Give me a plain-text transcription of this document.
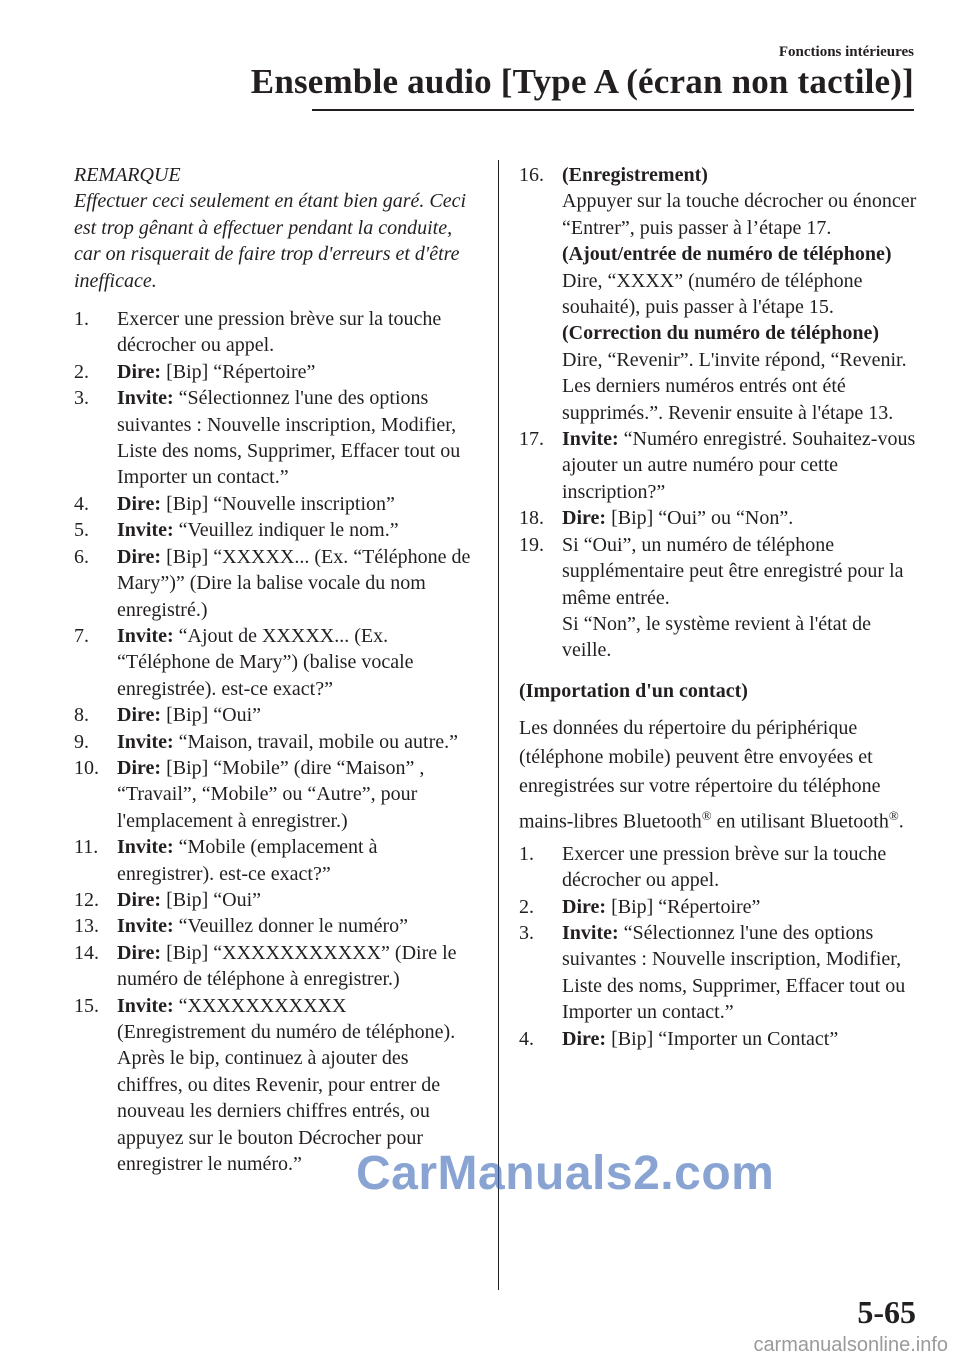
Fonctions intérieures
Ensemble audio [Type A (écran non tactile)]
REMARQUE
Effectuer ceci seulement en étant bien garé. Ceci est trop gênant à effectuer pendant la conduite, car on risquerait de faire trop d'erreurs et d'être inefficace.
1. Exercer une pression brève sur la touche décrocher ou appel.
2. Dire: [Bip] “Répertoire”
3. Invite: “Sélectionnez l'une des options suivantes : Nouvelle inscription, Modifier, Liste des noms, Supprimer, Effacer tout ou Importer un contact.”
4. Dire: [Bip] “Nouvelle inscription”
5. Invite: “Veuillez indiquer le nom.”
6. Dire: [Bip] “XXXXX... (Ex. “Téléphone de Mary”)” (Dire la balise vocale du nom enregistré.)
7. Invite: “Ajout de XXXXX... (Ex. “Téléphone de Mary”) (balise vocale enregistrée). est-ce exact?”
8. Dire: [Bip] “Oui”
9. Invite: “Maison, travail, mobile ou autre.”
10. Dire: [Bip] “Mobile” (dire “Maison” , “Travail”, “Mobile” ou “Autre”, pour l'emplacement à enregistrer.)
11. Invite: “Mobile (emplacement à enregistrer). est-ce exact?”
12. Dire: [Bip] “Oui”
13. Invite: “Veuillez donner le numéro”
14. Dire: [Bip] “XXXXXXXXXXX” (Dire le numéro de téléphone à enregistrer.)
15. Invite: “XXXXXXXXXXX (Enregistrement du numéro de téléphone). Après le bip, continuez à ajouter des chiffres, ou dites Revenir, pour entrer de nouveau les derniers chiffres entrés, ou appuyez sur le bouton Décrocher pour enregistrer le numéro.”
16. (Enregistrement)
Appuyer sur la touche décrocher ou énoncer “Entrer”, puis passer à l’étape 17.
(Ajout/entrée de numéro de téléphone)
Dire, “XXXX” (numéro de téléphone souhaité), puis passer à l'étape 15.
(Correction du numéro de téléphone)
Dire, “Revenir”. L'invite répond, “Revenir. Les derniers numéros entrés ont été supprimés.”. Revenir ensuite à l'étape 13.
17. Invite: “Numéro enregistré. Souhaitez-vous ajouter un autre numéro pour cette inscription?”
18. Dire: [Bip] “Oui” ou “Non”.
19. Si “Oui”, un numéro de téléphone supplémentaire peut être enregistré pour la même entrée.
Si “Non”, le système revient à l'état de veille.
(Importation d'un contact)
Les données du répertoire du périphérique (téléphone mobile) peuvent être envoyées et enregistrées sur votre répertoire du téléphone mains-libres Bluetooth® en utilisant Bluetooth®.
1. Exercer une pression brève sur la touche décrocher ou appel.
2. Dire: [Bip] “Répertoire”
3. Invite: “Sélectionnez l'une des options suivantes : Nouvelle inscription, Modifier, Liste des noms, Supprimer, Effacer tout ou Importer un contact.”
4. Dire: [Bip] “Importer un Contact”
5-65
CarManuals2.com
carmanualsonline.info
